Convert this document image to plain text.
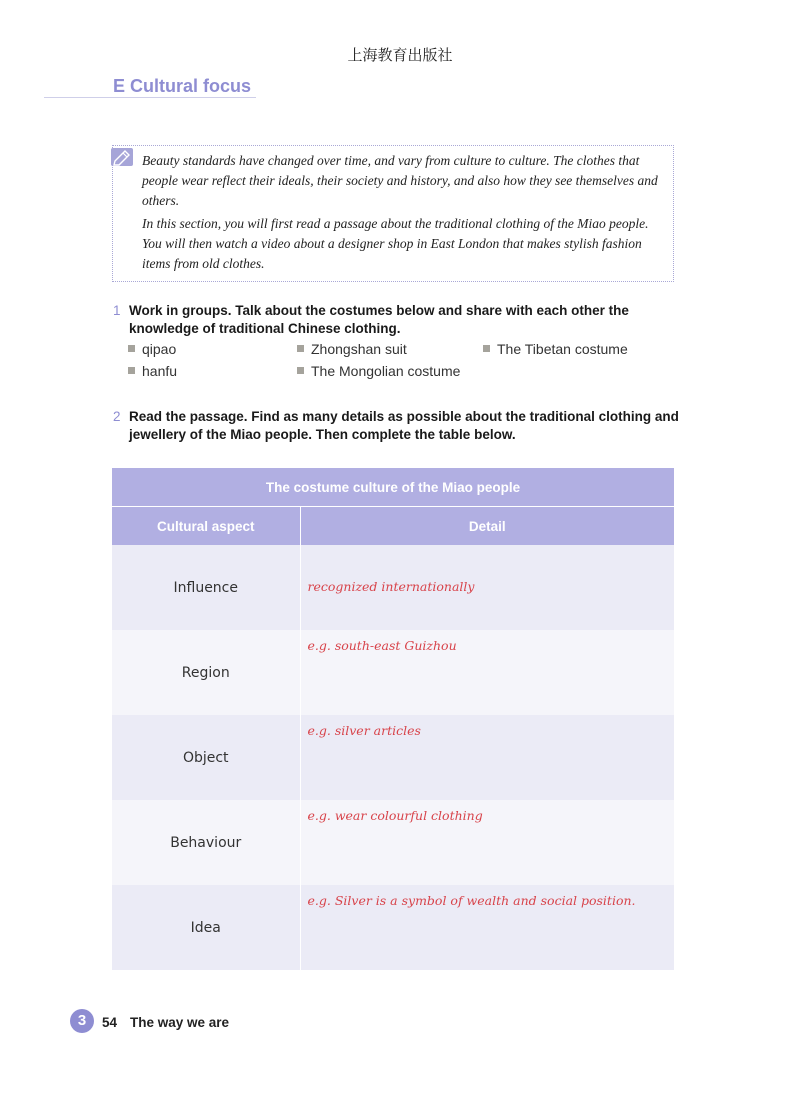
上海教育出版社
E Cultural focus

Beauty standards have changed over time, and vary from culture to culture. The clothes that people wear reflect their ideals, their society and history, and also how they see themselves and others.

In this section, you will first read a passage about the traditional clothing of the Miao people. You will then watch a video about a designer shop in East London that makes stylish fashion items from old clothes.

1 Work in groups. Talk about the costumes below and share with each other the knowledge of traditional Chinese clothing.
qipao	Zhongshan suit	The Tibetan costume
hanfu	The Mongolian costume
2 Read the passage. Find as many details as possible about the traditional clothing and jewellery of the Miao people. Then complete the table below.
The costume culture of the Miao people	
Cultural aspect	Detail
Influence	recognized internationally

Region	e.g. south-east Guizhou

Object	e.g. silver articles

Behaviour	e.g. wear colourful clothing

Idea	e.g. Silver is a symbol of wealth and social position.
3	54 The way we are
